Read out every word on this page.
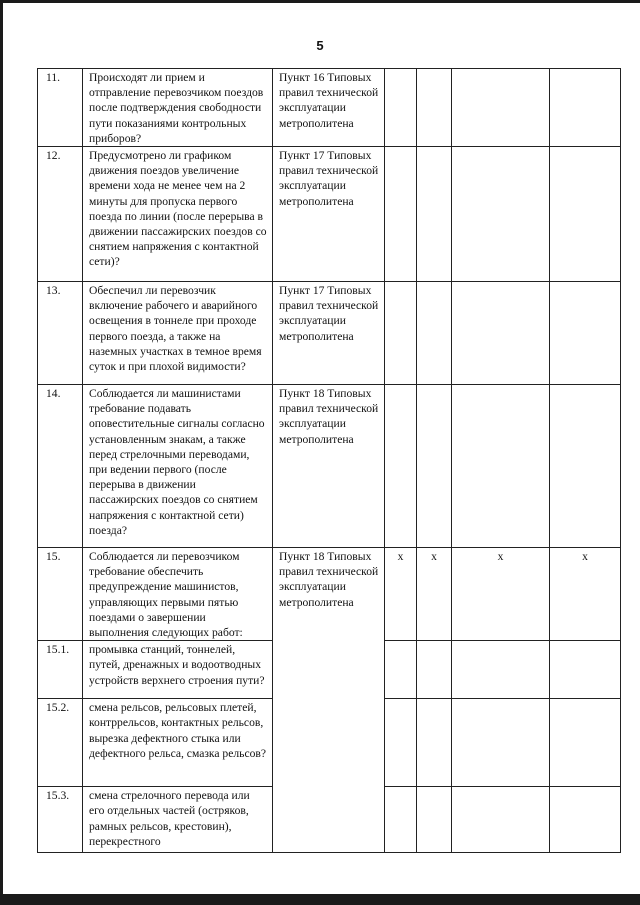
5
11.	Происходят ли прием и отправление перевозчиком поездов после подтверждения свободности пути показаниями контрольных приборов?	Пункт 16 Типовых правил технической эксплуатации метрополитена				
12.	Предусмотрено ли графиком движения поездов увеличение времени хода не менее чем на 2 минуты для пропуска первого поезда по линии (после перерыва в движении пассажирских поездов со снятием напряжения с контактной сети)?	Пункт 17 Типовых правил технической эксплуатации метрополитена				
13.	Обеспечил ли перевозчик включение рабочего и аварийного освещения в тоннеле при проходе первого поезда, а также на наземных участках в темное время суток и при плохой видимости?	Пункт 17 Типовых правил технической эксплуатации метрополитена				
14.	Соблюдается ли машинистами требование подавать оповестительные сигналы согласно установленным знакам, а также перед стрелочными переводами, при ведении первого (после перерыва в движении пассажирских поездов со снятием напряжения с контактной сети) поезда?	Пункт 18 Типовых правил технической эксплуатации метрополитена				
15.	Соблюдается ли перевозчиком требование обеспечить предупреждение машинистов, управляющих первыми пятью поездами о завершении выполнения следующих работ:	Пункт 18 Типовых правил технической эксплуатации метрополитена	x	x	x	x
15.1.	промывка станций, тоннелей, путей, дренажных и водоотводных устройств верхнего строения пути?					
15.2.	смена рельсов, рельсовых плетей, контррельсов, контактных рельсов, вырезка дефектного стыка или дефектного рельса, смазка рельсов?					
15.3.	смена стрелочного перевода или его отдельных частей (остряков, рамных рельсов, крестовин), перекрестного					
